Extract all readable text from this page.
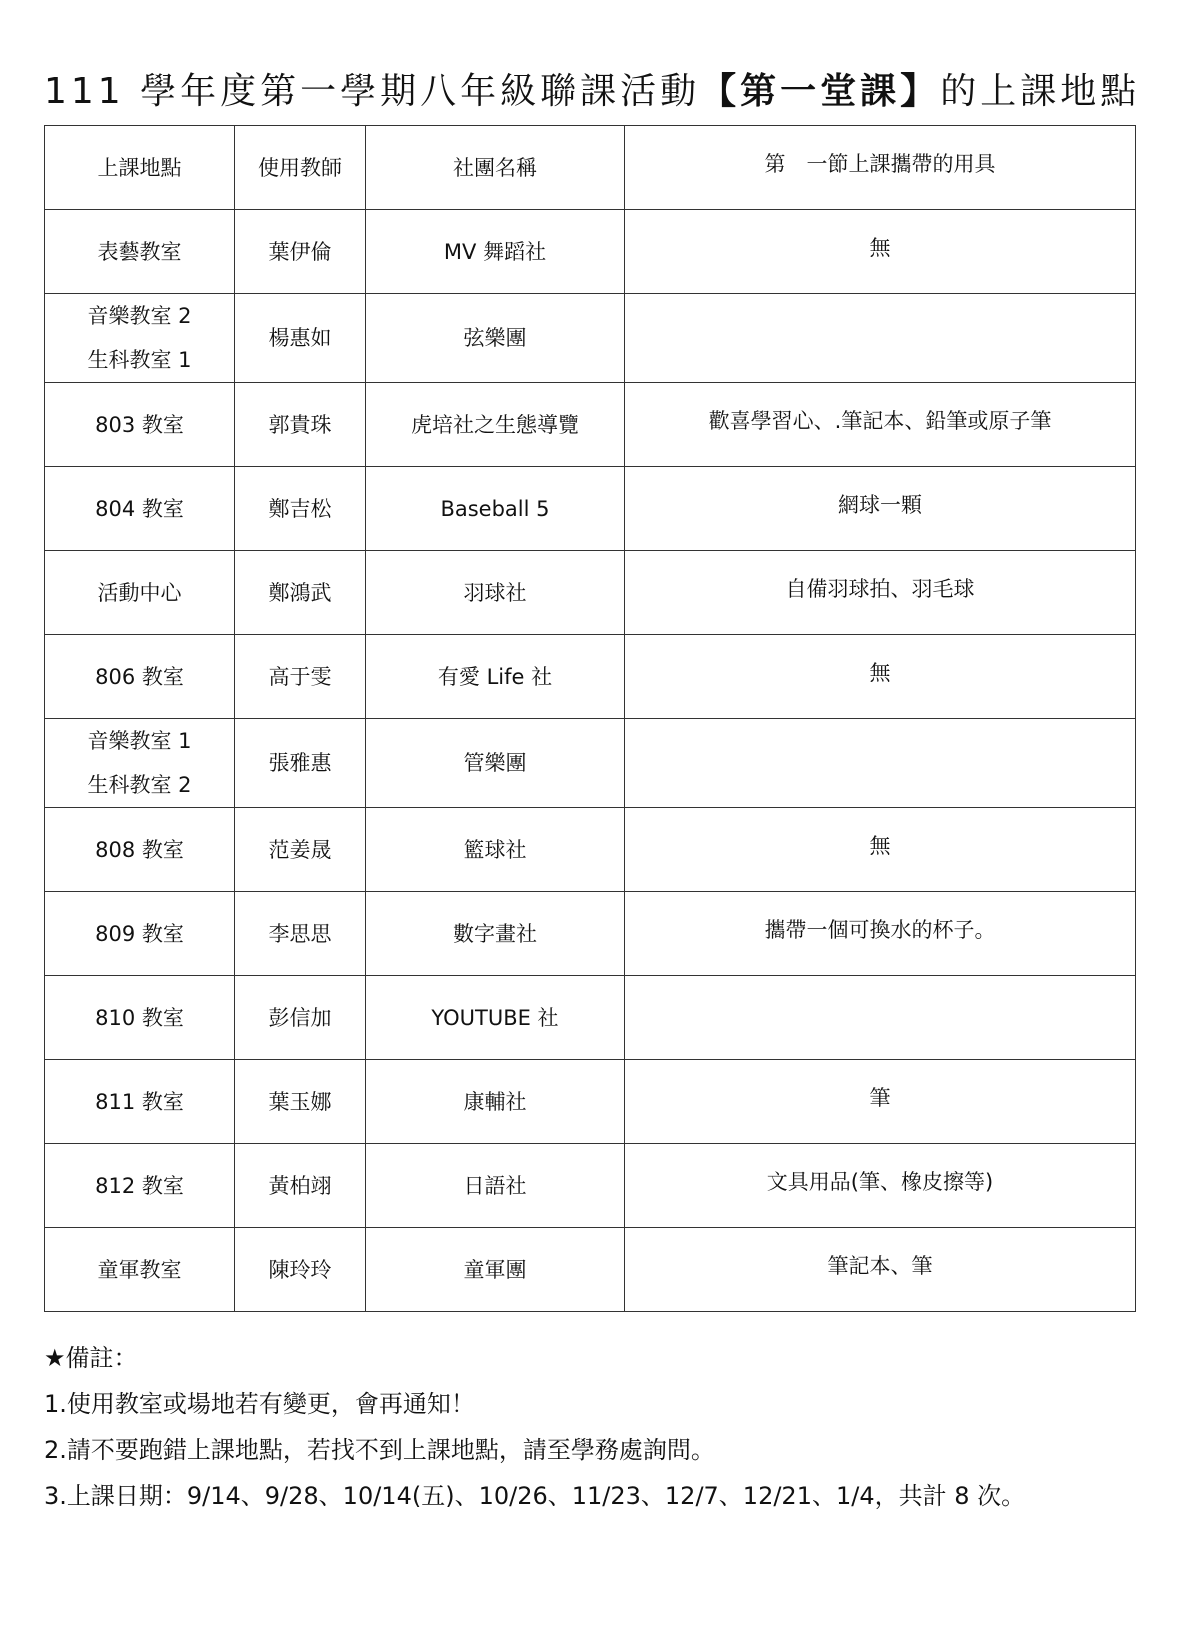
111 學年度第一學期八年級聯課活動【第一堂課】的上課地點
上課地點	使用教師	社團名稱	第　一節上課攜帶的用具

表藝教室	葉伊倫	MV 舞蹈社	無

音樂教室 2
生科教室 1	楊惠如	弦樂團	

803 教室	郭貴珠	虎培社之生態導覽	歡喜學習心、.筆記本、鉛筆或原子筆

804 教室	鄭吉松	Baseball 5	網球一顆

活動中心	鄭鴻武	羽球社	自備羽球拍、羽毛球

806 教室	高于雯	有愛 Life 社	無

音樂教室 1
生科教室 2	張雅惠	管樂團	

808 教室	范姜晟	籃球社	無

809 教室	李思思	數字畫社	攜帶一個可換水的杯子。

810 教室	彭信加	YOUTUBE 社	

811 教室	葉玉娜	康輔社	筆

812 教室	黃柏翊	日語社	文具用品(筆、橡皮擦等)

童軍教室	陳玲玲	童軍團	筆記本、筆
★備註：
1.使用教室或場地若有變更，會再通知！
2.請不要跑錯上課地點，若找不到上課地點，請至學務處詢問。
3.上課日期：9/14、9/28、10/14(五)、10/26、11/23、12/7、12/21、1/4，共計 8 次。
